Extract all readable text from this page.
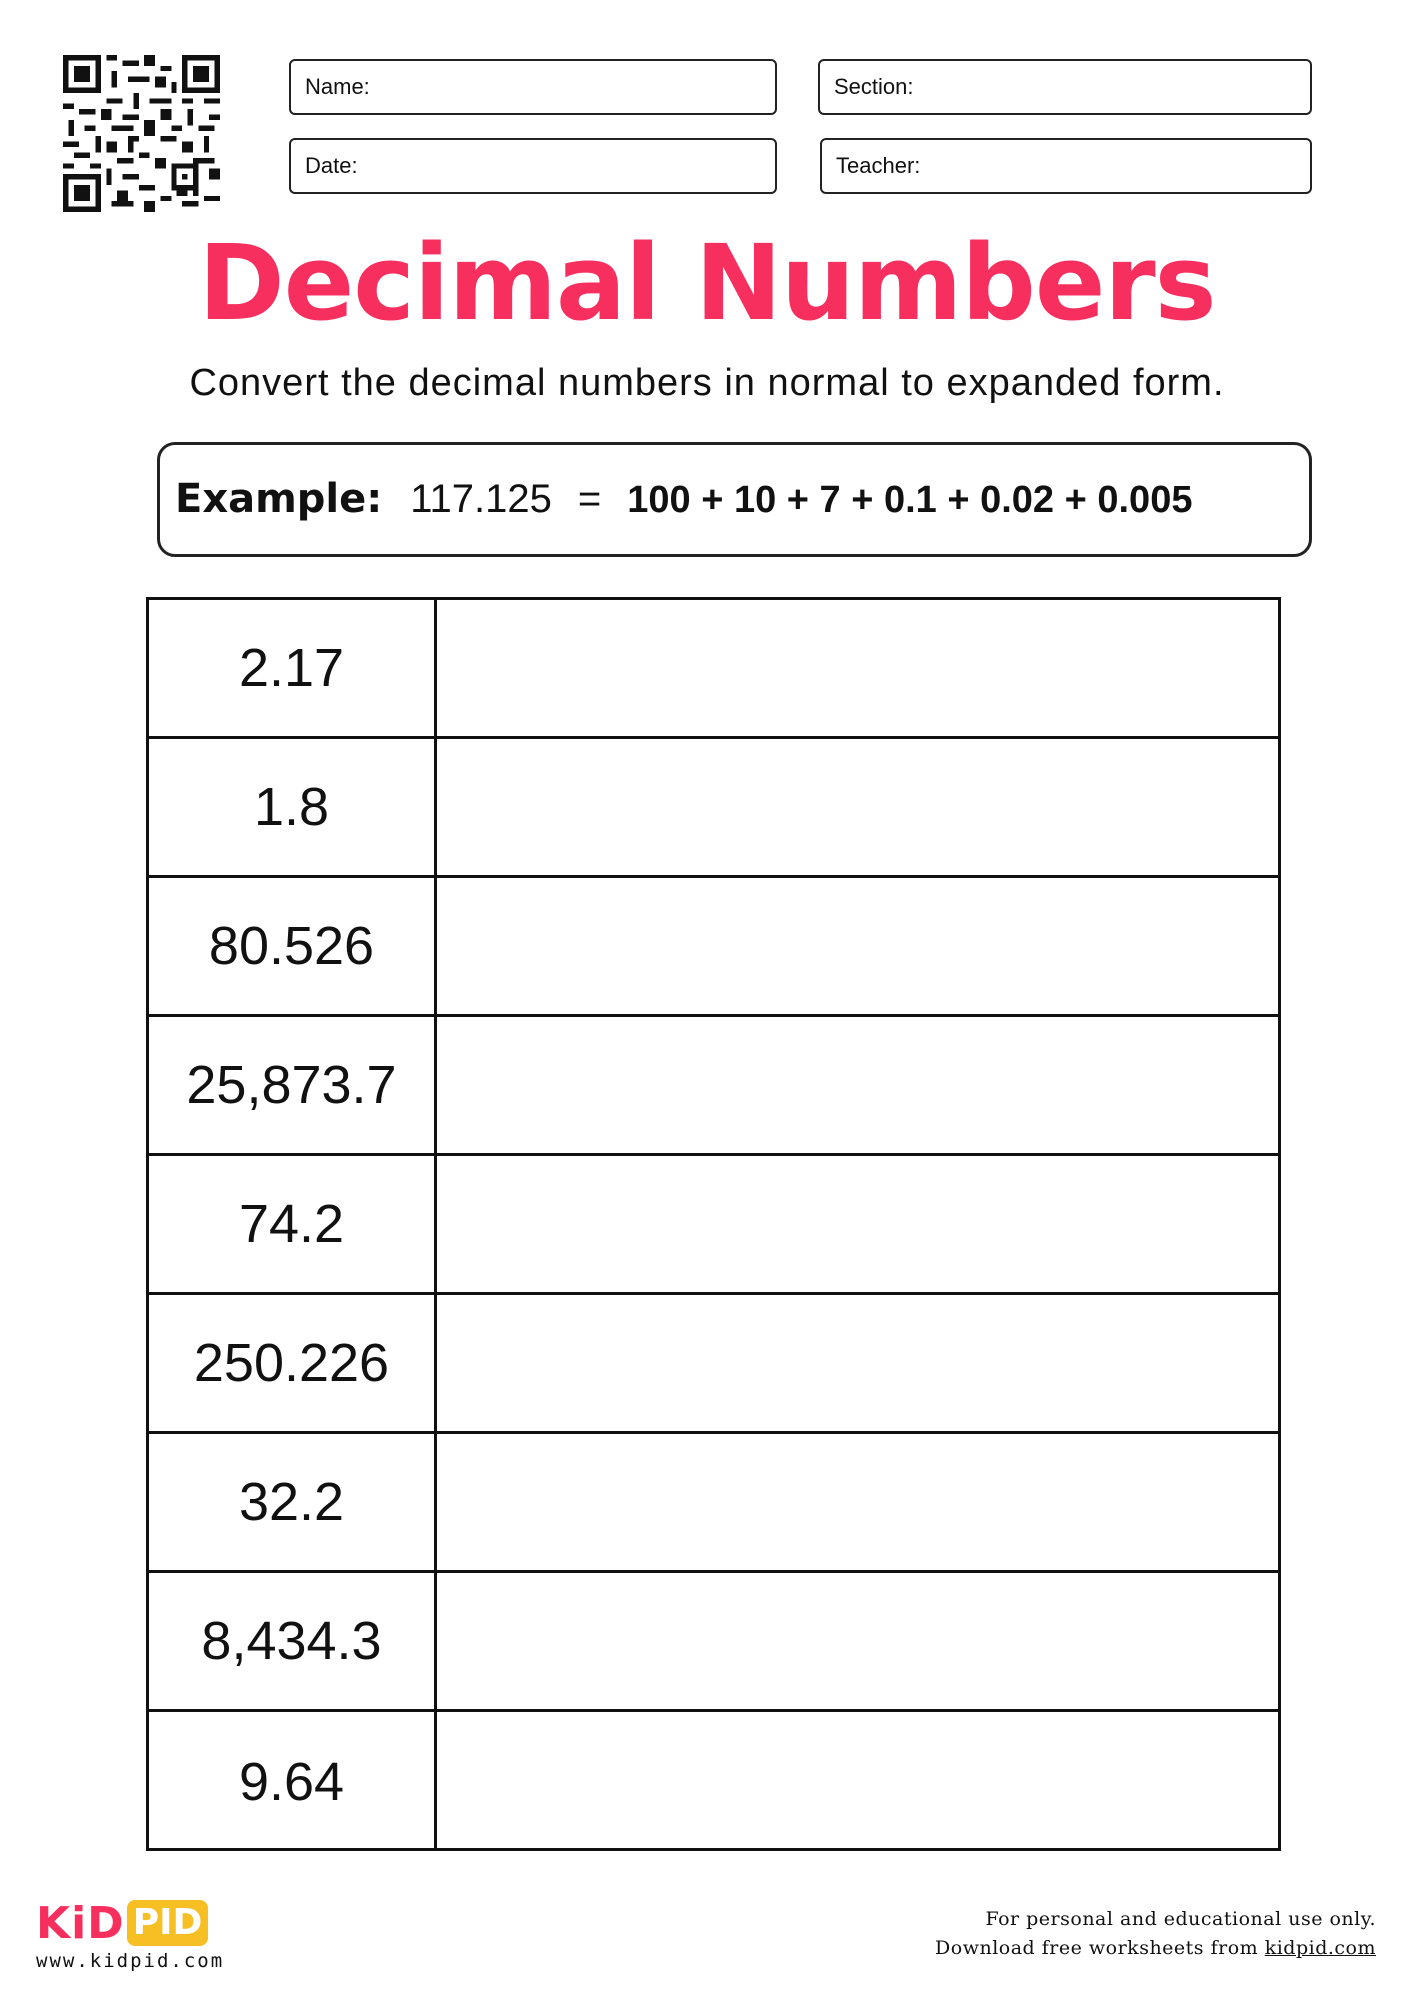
Name:	Section:
Date:	Teacher:
Decimal Numbers
Convert the decimal numbers in normal to expanded form.
Example: 117.125 = 100 + 10 + 7 + 0.1 + 0.02 + 0.005
2.17
1.8
80.526
25,873.7
74.2
250.226
32.2
8,434.3
9.64
KiD PID
www.kidpid.com
For personal and educational use only.
Download free worksheets from kidpid.com
